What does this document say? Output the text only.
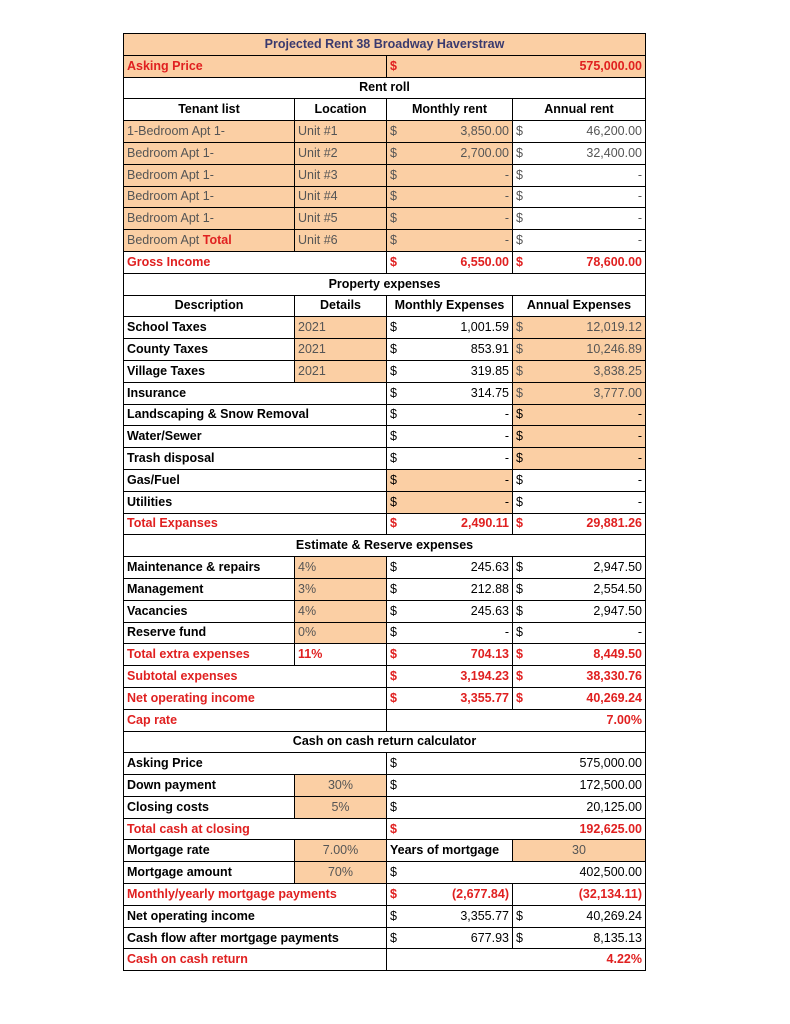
Projected Rent 38 Broadway Haverstraw			
Asking Price		$ 575,000.00	

Rent roll			
Tenant list	Location	Monthly rent	Annual rent
1-Bedroom Apt 1-	Unit #1	$ 3,850.00	$ 46,200.00

Bedroom Apt 1-	Unit #2	$ 2,700.00	$ 32,400.00

Bedroom Apt 1-	Unit #3	$ -	$ -

Bedroom Apt 1-	Unit #4	$ -	$ -

Bedroom Apt 1-	Unit #5	$ -	$ -

Bedroom Apt Total	Unit #6	$ -	$ -

Gross Income		$ 6,550.00	$ 78,600.00

Property expenses			
Description	Details	Monthly Expenses	Annual Expenses
School Taxes	2021	$ 1,001.59	$ 12,019.12

County Taxes	2021	$ 853.91	$ 10,246.89

Village Taxes	2021	$ 319.85	$ 3,838.25

Insurance		$ 314.75	$ 3,777.00

Landscaping & Snow Removal		$ -	$ -

Water/Sewer		$ -	$ -

Trash disposal		$ -	$ -

Gas/Fuel		$ -	$ -

Utilities		$ -	$ -

Total Expanses		$ 2,490.11	$ 29,881.26

Estimate & Reserve expenses			
Maintenance & repairs	4%	$ 245.63	$ 2,947.50

Management	3%	$ 212.88	$ 2,554.50

Vacancies	4%	$ 245.63	$ 2,947.50

Reserve fund	0%	$ -	$ -

Total extra expenses	11%	$ 704.13	$ 8,449.50

Subtotal expenses		$ 3,194.23	$ 38,330.76

Net operating income		$ 3,355.77	$ 40,269.24

Cap rate		7.00%	

Cash on cash return calculator			
Asking Price		$ 575,000.00	

Down payment	30%	$ 172,500.00	

Closing costs	5%	$ 20,125.00	

Total cash at closing		$ 192,625.00	

Mortgage rate	7.00%	Years of mortgage	30
Mortgage amount	70%	$ 402,500.00	

Monthly/yearly mortgage payments		$ (2,677.84)	(32,134.11)

Net operating income		$ 3,355.77	$ 40,269.24

Cash flow after mortgage payments		$ 677.93	$ 8,135.13

Cash on cash return		4.22%	
